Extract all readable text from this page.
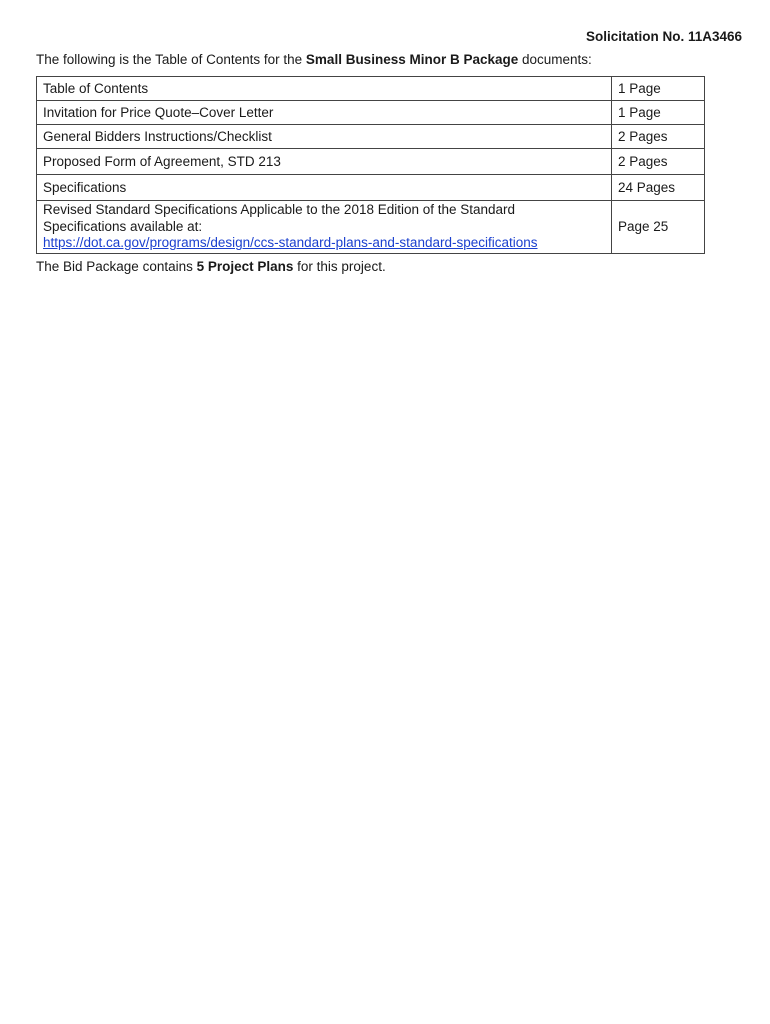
Solicitation No. 11A3466
The following is the Table of Contents for the Small Business Minor B Package documents:
Table of Contents	1 Page
Invitation for Price Quote–Cover Letter	1 Page
General Bidders Instructions/Checklist	2 Pages
Proposed Form of Agreement, STD 213	2 Pages
Specifications	24 Pages

Revised Standard Specifications Applicable to the 2018 Edition of the Standard
Specifications available at:
https://dot.ca.gov/programs/design/ccs-standard-plans-and-standard-specifications	Page 25
The Bid Package contains 5 Project Plans for this project.
